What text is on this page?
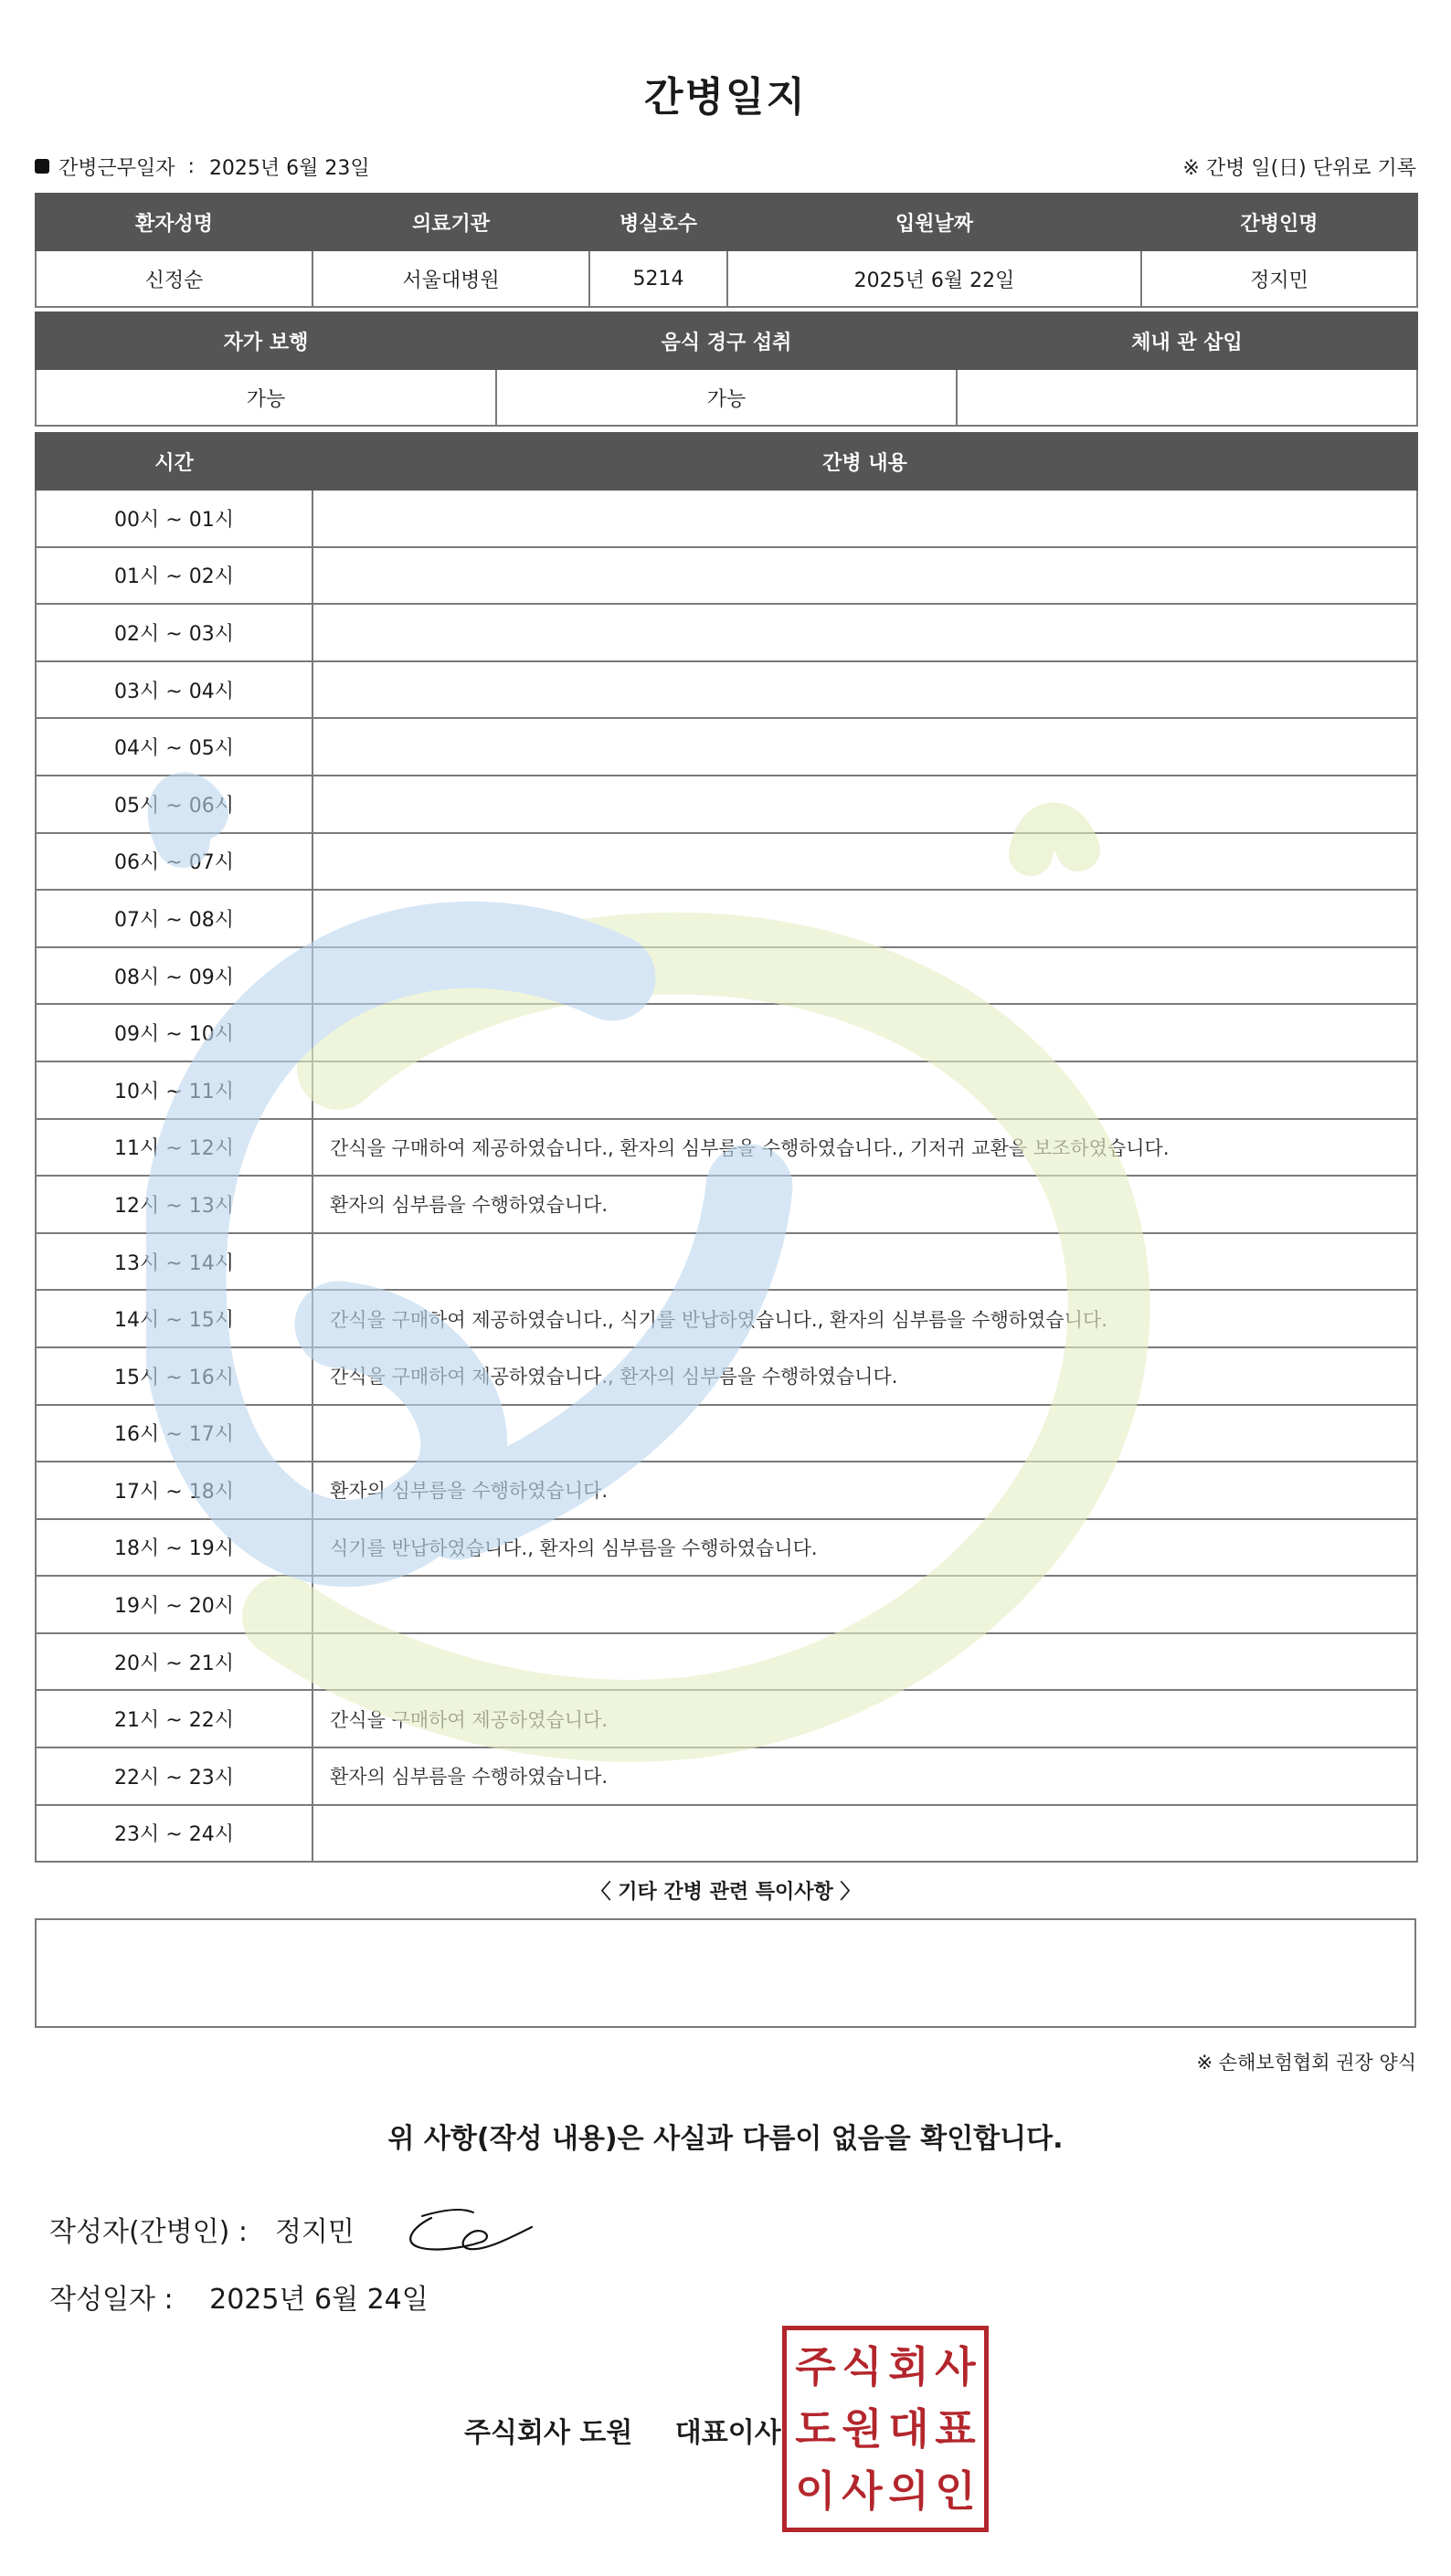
간병일지
간병근무일자 : 2025년 6월 23일	※ 간병 일(日) 단위로 기록
환자성명	의료기관	병실호수	입원날짜	간병인명
신정순	서울대병원	5214	2025년 6월 22일	정지민
자가 보행	음식 경구 섭취	체내 관 삽입
가능	가능	
시간	간병 내용
00시 ~ 01시	
01시 ~ 02시	
02시 ~ 03시	
03시 ~ 04시	
04시 ~ 05시	
05시 ~ 06시	
06시 ~ 07시	
07시 ~ 08시	
08시 ~ 09시	
09시 ~ 10시	
10시 ~ 11시	
11시 ~ 12시	간식을 구매하여 제공하였습니다., 환자의 심부름을 수행하였습니다., 기저귀 교환을 보조하였습니다.
12시 ~ 13시	환자의 심부름을 수행하였습니다.
13시 ~ 14시	
14시 ~ 15시	간식을 구매하여 제공하였습니다., 식기를 반납하였습니다., 환자의 심부름을 수행하였습니다.
15시 ~ 16시	간식을 구매하여 제공하였습니다., 환자의 심부름을 수행하였습니다.
16시 ~ 17시	
17시 ~ 18시	환자의 심부름을 수행하였습니다.
18시 ~ 19시	식기를 반납하였습니다., 환자의 심부름을 수행하였습니다.
19시 ~ 20시	
20시 ~ 21시	
21시 ~ 22시	간식을 구매하여 제공하였습니다.
22시 ~ 23시	환자의 심부름을 수행하였습니다.
23시 ~ 24시	
〈 기타 간병 관련 특이사항 〉
※ 손해보험협회 권장 양식
위 사항(작성 내용)은 사실과 다름이 없음을 확인합니다.
작성자(간병인) : 정지민
작성일자 : 2025년 6월 24일
주식회사 도원 대표이사
주 식 회 사
도 원 대 표
이 사 의 인
